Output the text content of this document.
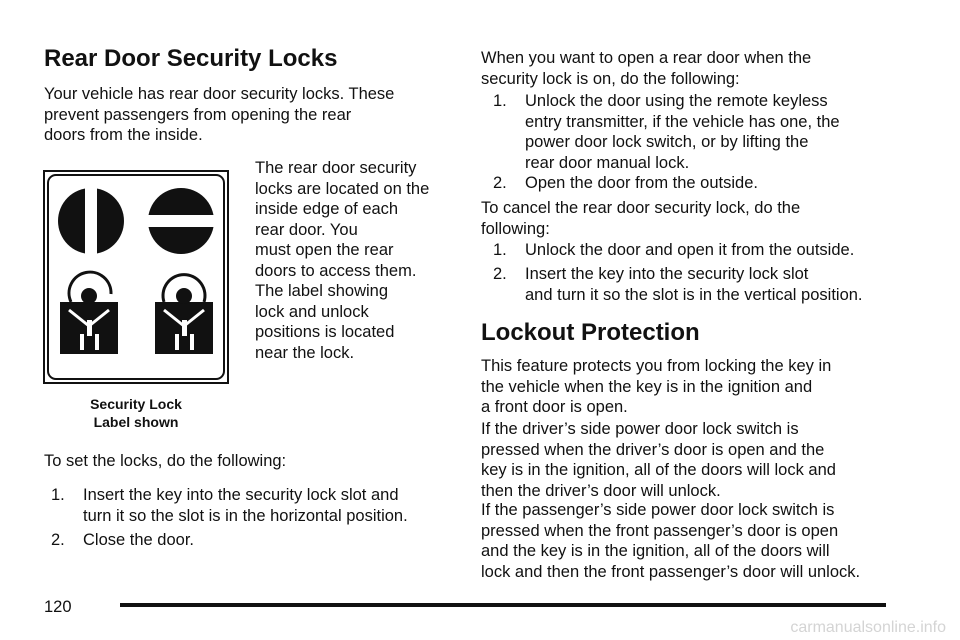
Rear Door Security Locks
Your vehicle has rear door security locks. These
prevent passengers from opening the rear
doors from the inside.
The rear door security
locks are located on the
inside edge of each
rear door. You
must open the rear
doors to access them.
The label showing
lock and unlock
positions is located
near the lock.
Security Lock
Label shown
To set the locks, do the following:
1. Insert the key into the security lock slot and
turn it so the slot is in the horizontal position.
2. Close the door.
When you want to open a rear door when the
security lock is on, do the following:
1. Unlock the door using the remote keyless
entry transmitter, if the vehicle has one, the
power door lock switch, or by lifting the
rear door manual lock.
2. Open the door from the outside.
To cancel the rear door security lock, do the
following:
1. Unlock the door and open it from the outside.
2. Insert the key into the security lock slot
and turn it so the slot is in the vertical position.
Lockout Protection
This feature protects you from locking the key in
the vehicle when the key is in the ignition and
a front door is open.
If the driver’s side power door lock switch is
pressed when the driver’s door is open and the
key is in the ignition, all of the doors will lock and
then the driver’s door will unlock.
If the passenger’s side power door lock switch is
pressed when the front passenger’s door is open
and the key is in the ignition, all of the doors will
lock and then the front passenger’s door will unlock.
120
carmanualsonline.info
